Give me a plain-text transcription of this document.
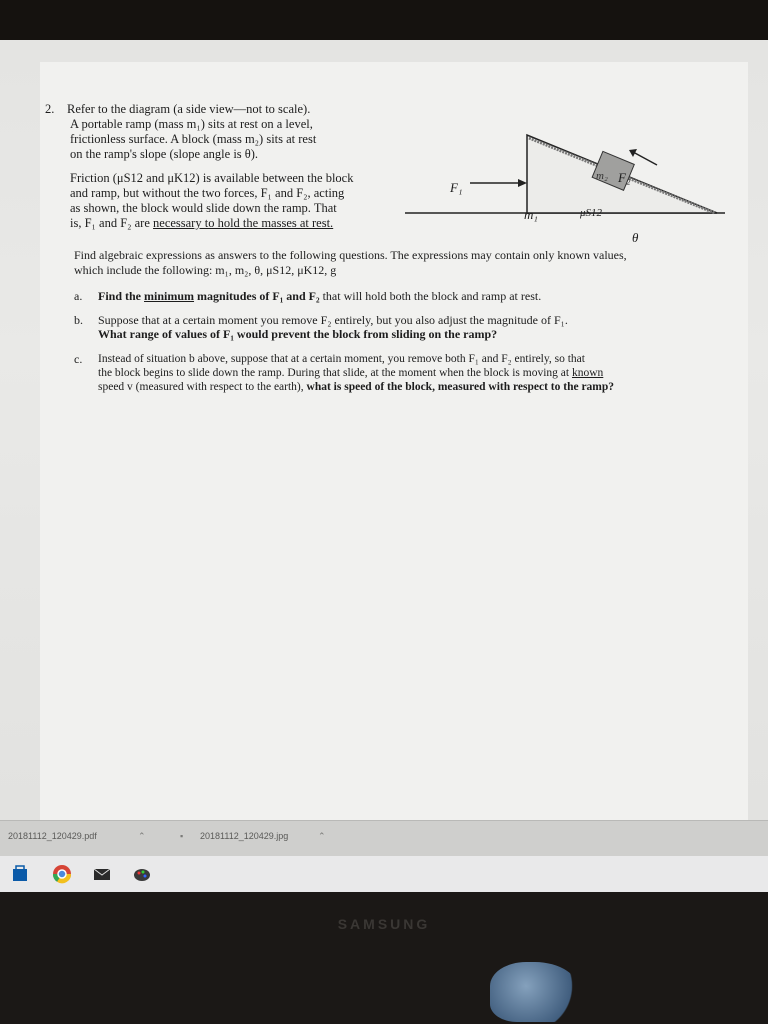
2. Refer to the diagram (a side view—not to scale).
A portable ramp (mass m₁) sits at rest on a level,
frictionless surface. A block (mass m₂) sits at rest
on the ramp's slope (slope angle is θ).
Friction (μS12 and μK12) is available between the block
and ramp, but without the two forces, F₁ and F₂, acting
as shown, the block would slide down the ramp. That
is, F₁ and F₂ are necessary to hold the masses at rest.
m₂
F₁
F₂
m₁	μS12
θ
Find algebraic expressions as answers to the following questions. The expressions may contain only known values,
which include the following: m₁, m₂, θ, μS12, μK12, g
a. Find the minimum magnitudes of F₁ and F₂ that will hold both the block and ramp at rest.
b. Suppose that at a certain moment you remove F₂ entirely, but you also adjust the magnitude of F₁.
What range of values of F₁ would prevent the block from sliding on the ramp?
c. Instead of situation b above, suppose that at a certain moment, you remove both F₁ and F₂ entirely, so that
the block begins to slide down the ramp. During that slide, at the moment when the block is moving at known
speed v (measured with respect to the earth), what is speed of the block, measured with respect to the ramp?
20181112_120429.pdf	⌃	▪ 20181112_120429.jpg	⌃
SAMSUNG
